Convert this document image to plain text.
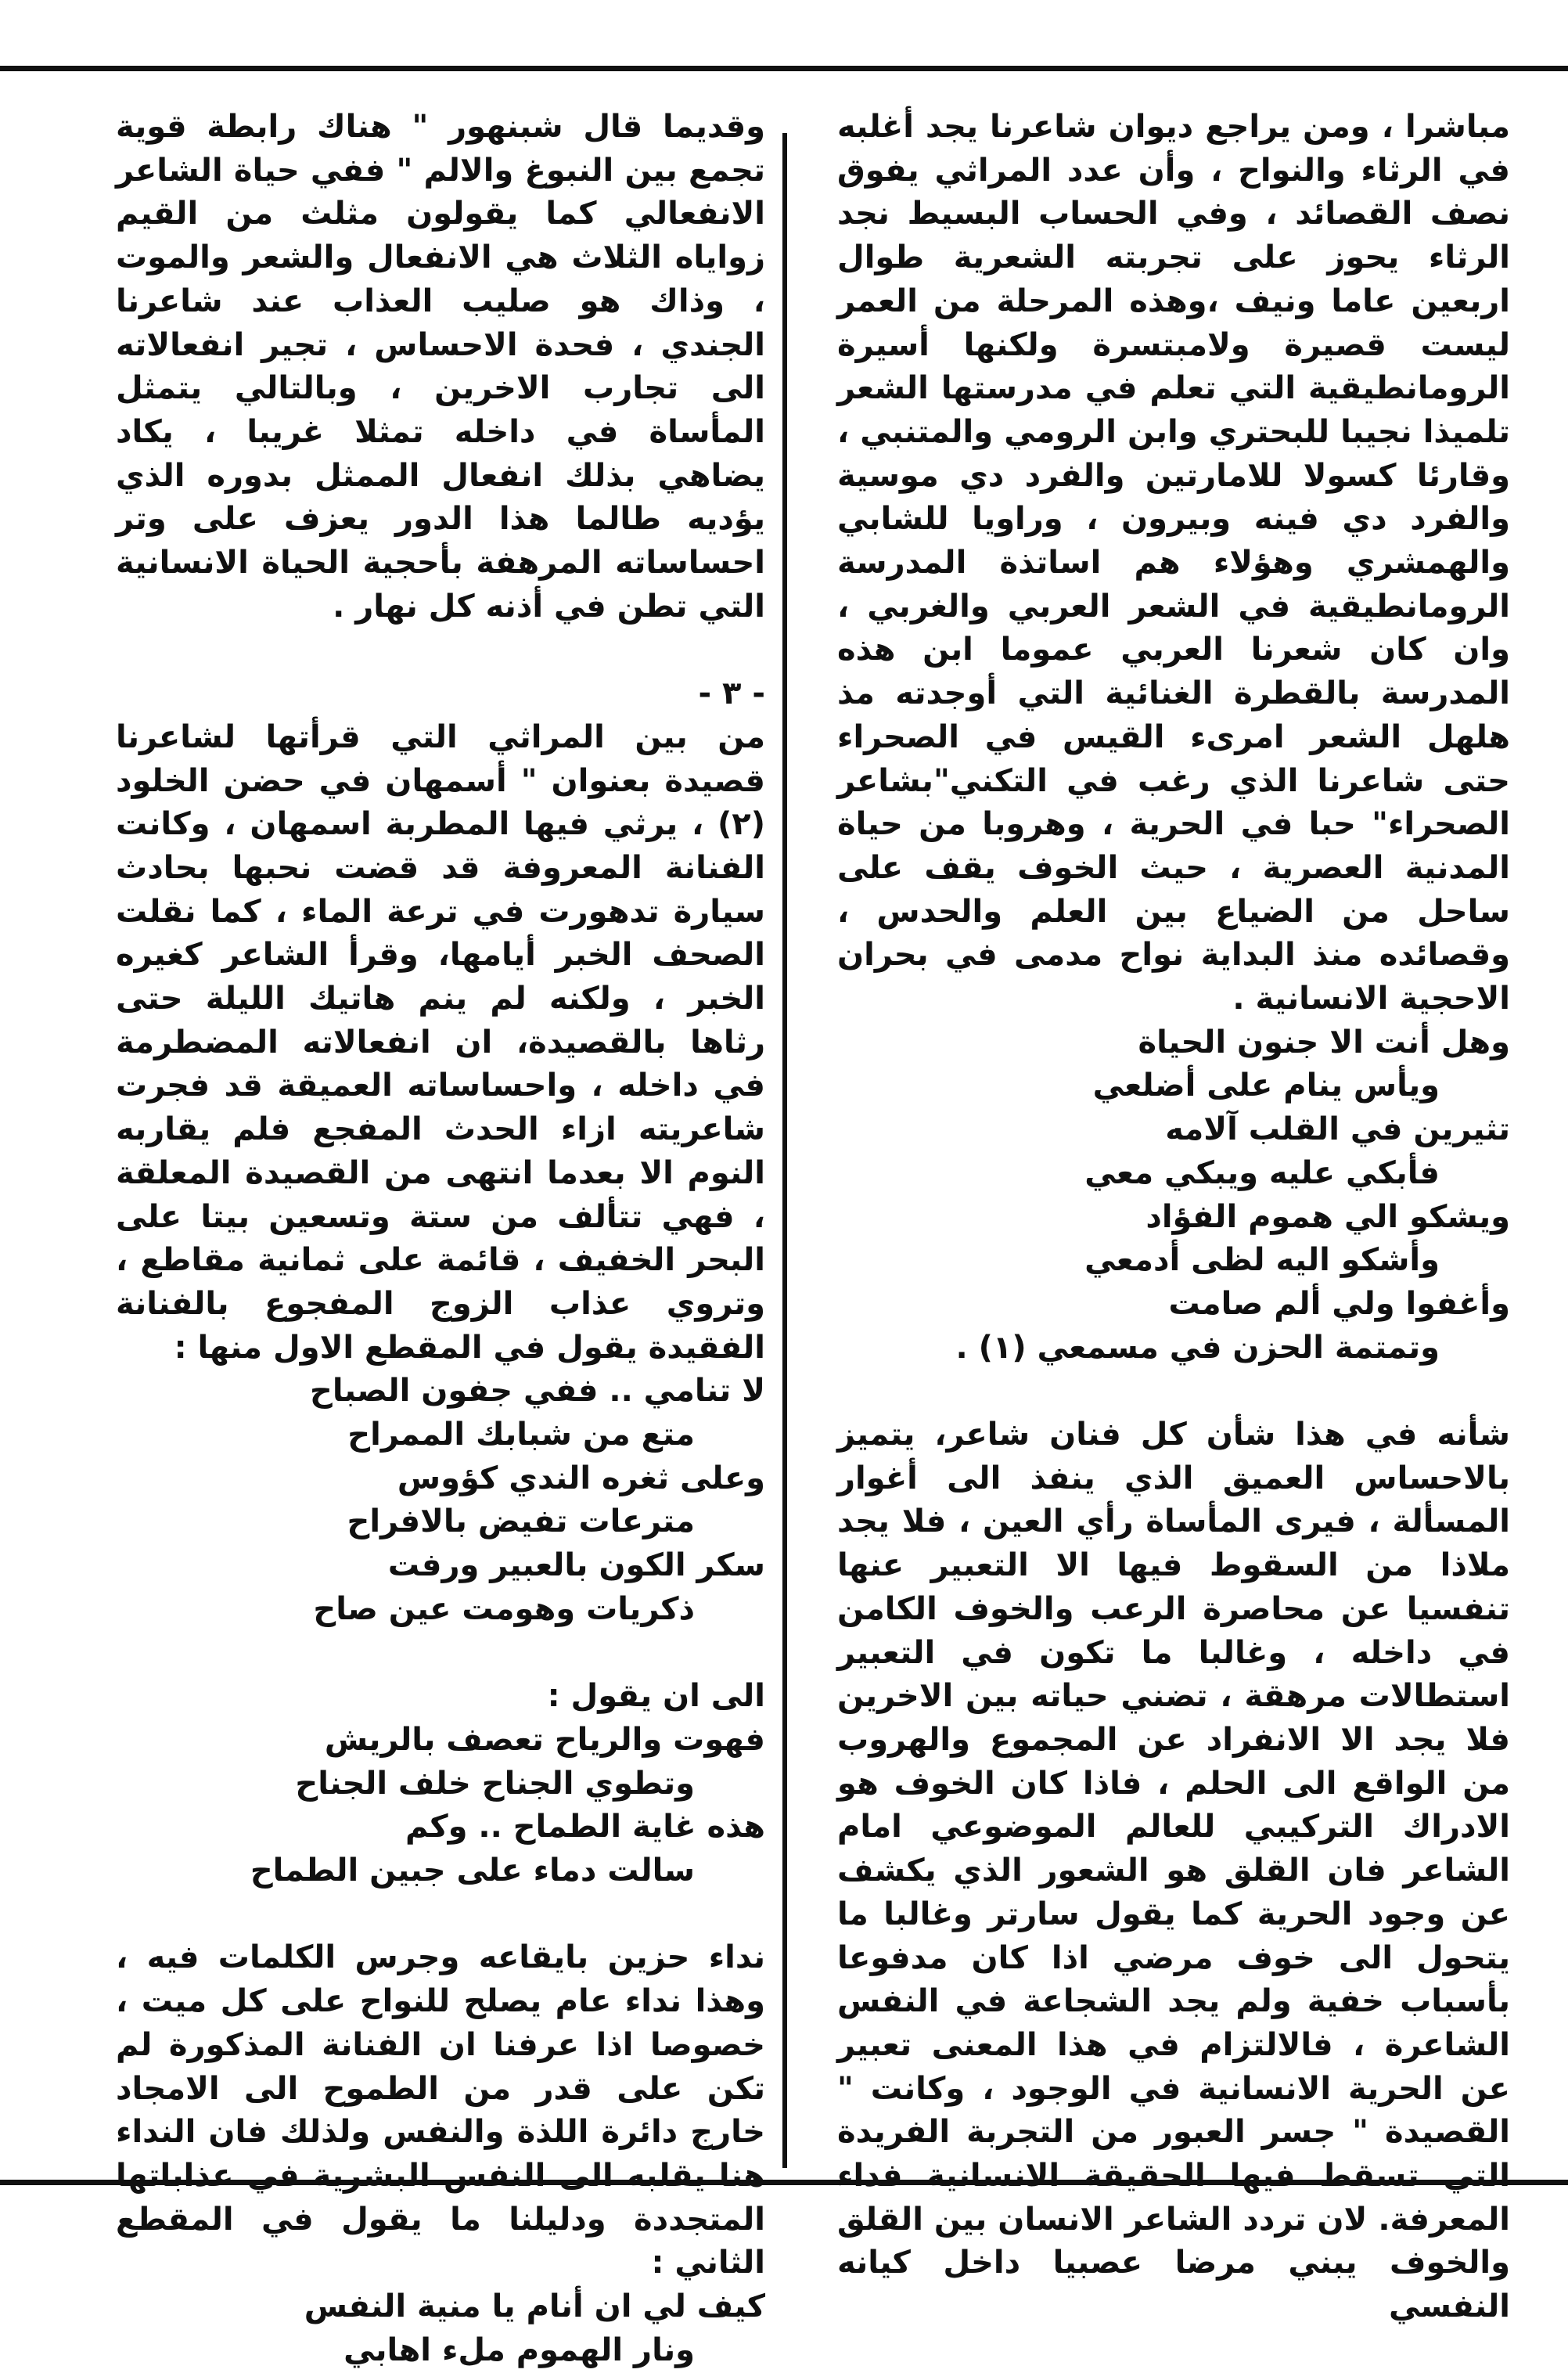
مباشرا ، ومن يراجع ديوان شاعرنا يجد أغلبه في الرثاء والنواح ، وأن عدد المراثي يفوق نصف القصائد ، وفي الحساب البسيط نجد الرثاء يحوز على تجربته الشعرية طوال اربعين عاما ونيف ،وهذه المرحلة من العمر ليست قصيرة ولامبتسرة ولكنها أسيرة الرومانطيقية التي تعلم في مدرستها الشعر تلميذا نجيبا للبحتري وابن الرومي والمتنبي ، وقارئا كسولا للامارتين والفرد دي موسية والفرد دي فينه وبيرون ، وراويا للشابي والهمشري وهؤلاء هم اساتذة المدرسة الرومانطيقية في الشعر العربي والغربي ، وان كان شعرنا العربي عموما ابن هذه المدرسة بالقطرة الغنائية التي أوجدته مذ هلهل الشعر امرىء القيس في الصحراء حتى شاعرنا الذي رغب في التكني"بشاعر الصحراء" حبا في الحرية ، وهروبا من حياة المدنية العصرية ، حيث الخوف يقف على ساحل من الضياع بين العلم والحدس ، وقصائده منذ البداية نواح مدمى في بحران الاحجية الانسانية .

وهل أنت الا جنون الحياة

ويأس ينام على أضلعي

تثيرين في القلب آلامه

فأبكي عليه ويبكي معي

ويشكو الي هموم الفؤاد

وأشكو اليه لظى أدمعي

وأغفوا ولي ألم صامت

وتمتمة الحزن في مسمعي (١) .

شأنه في هذا شأن كل فنان شاعر، يتميز بالاحساس العميق الذي ينفذ الى أغوار المسألة ، فيرى المأساة رأي العين ، فلا يجد ملاذا من السقوط فيها الا التعبير عنها تنفسيا عن محاصرة الرعب والخوف الكامن في داخله ، وغالبا ما تكون في التعبير استطالات مرهقة ، تضني حياته بين الاخرين فلا يجد الا الانفراد عن المجموع والهروب من الواقع الى الحلم ، فاذا كان الخوف هو الادراك التركيبي للعالم الموضوعي امام الشاعر فان القلق هو الشعور الذي يكشف عن وجود الحرية كما يقول سارتر وغالبا ما يتحول الى خوف مرضي اذا كان مدفوعا بأسباب خفية ولم يجد الشجاعة في النفس الشاعرة ، فالالتزام في هذا المعنى تعبير عن الحرية الانسانية في الوجود ، وكانت " القصيدة " جسر العبور من التجربة الفريدة التي تسقط فيها الحقيقة الانسانية فداء المعرفة. لان تردد الشاعر الانسان بين القلق والخوف يبني مرضا عصبيا داخل كيانه النفسي

وقديما قال شبنهور " هناك رابطة قوية تجمع بين النبوغ والالم " ففي حياة الشاعر الانفعالي كما يقولون مثلث من القيم زواياه الثلاث هي الانفعال والشعر والموت ، وذاك هو صليب العذاب عند شاعرنا الجندي ، فحدة الاحساس ، تجير انفعالاته الى تجارب الاخرين ، وبالتالي يتمثل المأساة في داخله تمثلا غريبا ، يكاد يضاهي بذلك انفعال الممثل بدوره الذي يؤديه طالما هذا الدور يعزف على وتر احساساته المرهفة بأحجية الحياة الانسانية التي تطن في أذنه كل نهار .

- ٣ -

من بين المراثي التي قرأتها لشاعرنا قصيدة بعنوان " أسمهان في حضن الخلود (٢) ، يرثي فيها المطربة اسمهان ، وكانت الفنانة المعروفة قد قضت نحبها بحادث سيارة تدهورت في ترعة الماء ، كما نقلت الصحف الخبر أيامها، وقرأ الشاعر كغيره الخبر ، ولكنه لم ينم هاتيك الليلة حتى رثاها بالقصيدة، ان انفعالاته المضطرمة في داخله ، واحساساته العميقة قد فجرت شاعريته ازاء الحدث المفجع فلم يقاربه النوم الا بعدما انتهى من القصيدة المعلقة ، فهي تتألف من ستة وتسعين بيتا على البحر الخفيف ، قائمة على ثمانية مقاطع ، وتروي عذاب الزوج المفجوع بالفنانة الفقيدة يقول في المقطع الاول منها :

لا تنامي .. ففي جفون الصباح

متع من شبابك الممراح

وعلى ثغره الندي كؤوس

مترعات تفيض بالافراح

سكر الكون بالعبير ورفت

ذكريات وهومت عين صاح

الى ان يقول :

فهوت والرياح تعصف بالريش

وتطوي الجناح خلف الجناح

هذه غاية الطماح .. وكم

سالت دماء على جبين الطماح

نداء حزين بايقاعه وجرس الكلمات فيه ، وهذا نداء عام يصلح للنواح على كل ميت ، خصوصا اذا عرفنا ان الفنانة المذكورة لم تكن على قدر من الطموح الى الامجاد خارج دائرة اللذة والنفس ولذلك فان النداء هنا يقلبه الى النفس البشرية في عذاباتها المتجددة ودليلنا ما يقول في المقطع الثاني :

كيف لي ان أنام يا منية النفس

ونار الهموم ملء اهابي
